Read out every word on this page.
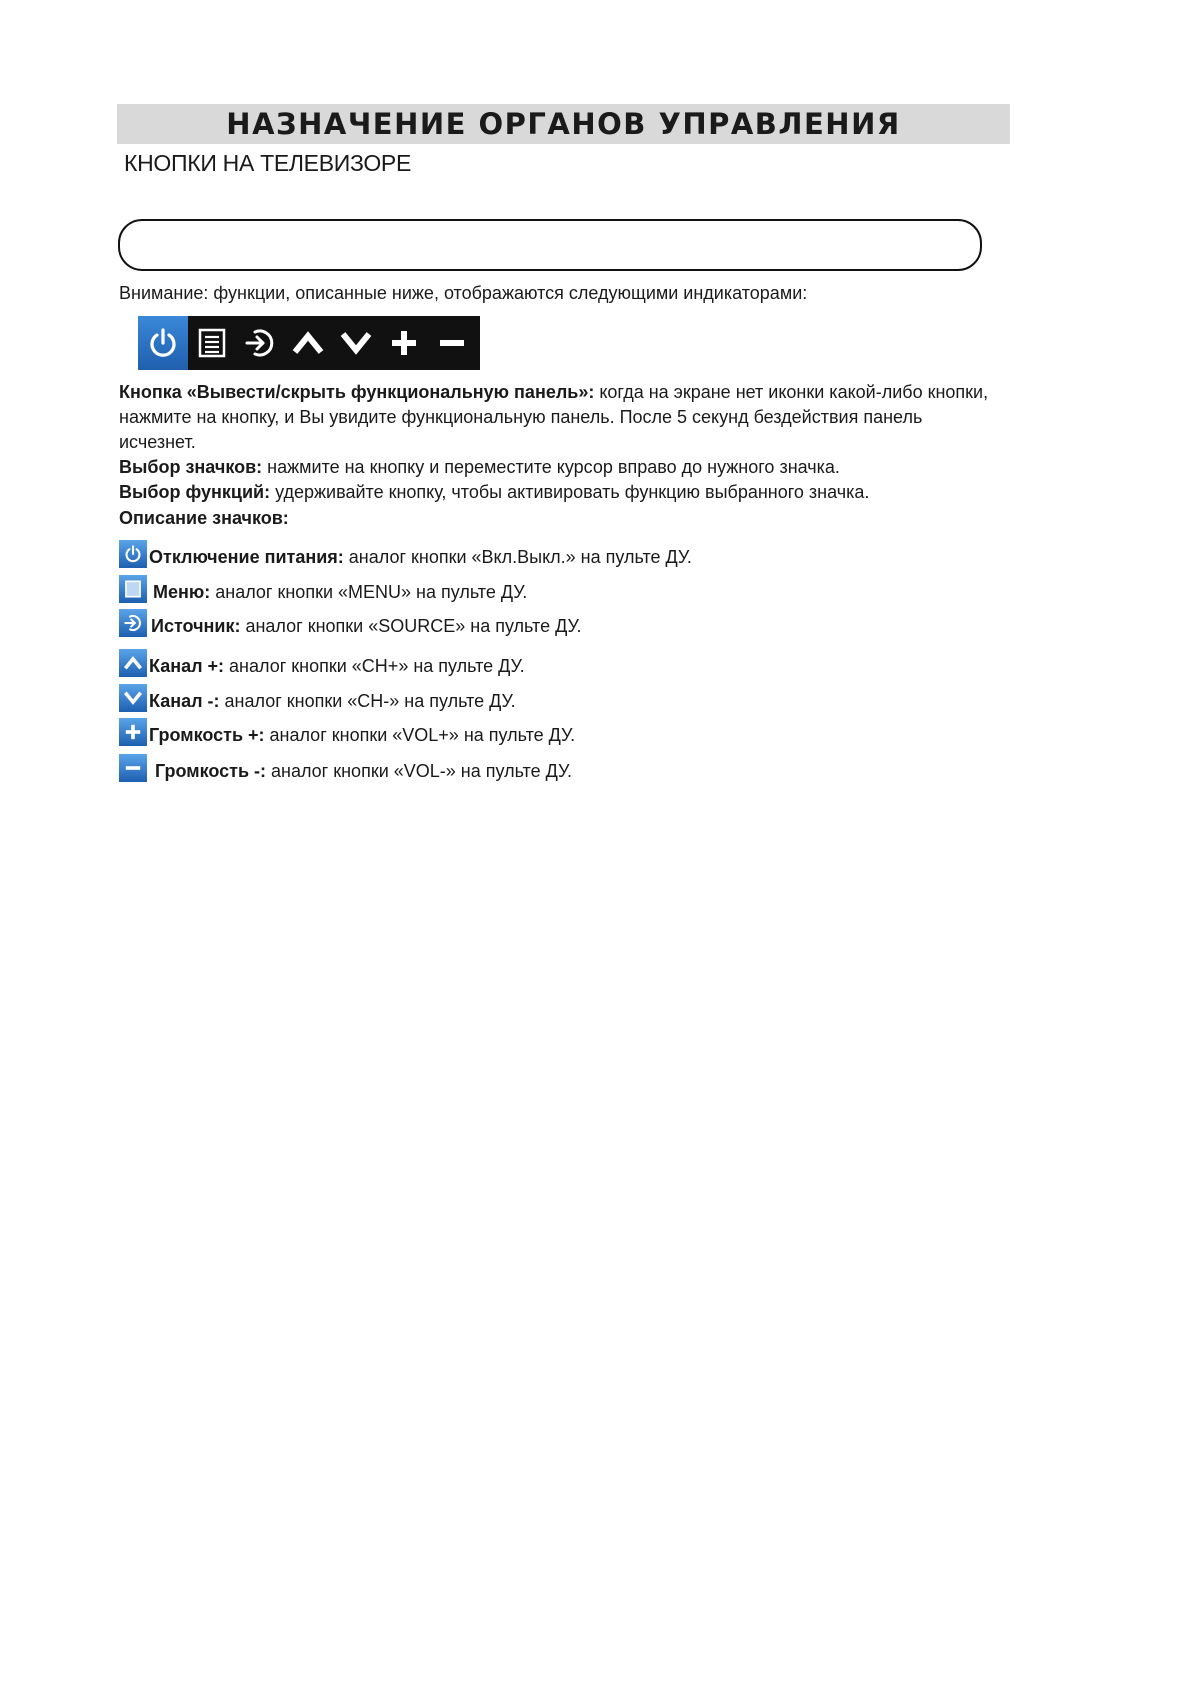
НАЗНАЧЕНИЕ ОРГАНОВ УПРАВЛЕНИЯ
КНОПКИ НА ТЕЛЕВИЗОРЕ
Внимание: функции, описанные ниже, отображаются следующими индикаторами:
Кнопка «Вывести/скрыть функциональную панель»: когда на экране нет иконки какой-либо кнопки, нажмите на кнопку, и Вы увидите функциональную панель. После 5 секунд бездействия панель исчезнет.
Выбор значков: нажмите на кнопку и переместите курсор вправо до нужного значка.
Выбор функций: удерживайте кнопку, чтобы активировать функцию выбранного значка.
Описание значков:
Отключение питания: аналог кнопки «Вкл.Выкл.» на пульте ДУ.
Меню: аналог кнопки «MENU» на пульте ДУ.
Источник: аналог кнопки «SOURCE» на пульте ДУ.
Канал +: аналог кнопки «CH+» на пульте ДУ.
Канал -: аналог кнопки «CH-» на пульте ДУ.
Громкость +: аналог кнопки «VOL+» на пульте ДУ.
Громкость -: аналог кнопки «VOL-» на пульте ДУ.
